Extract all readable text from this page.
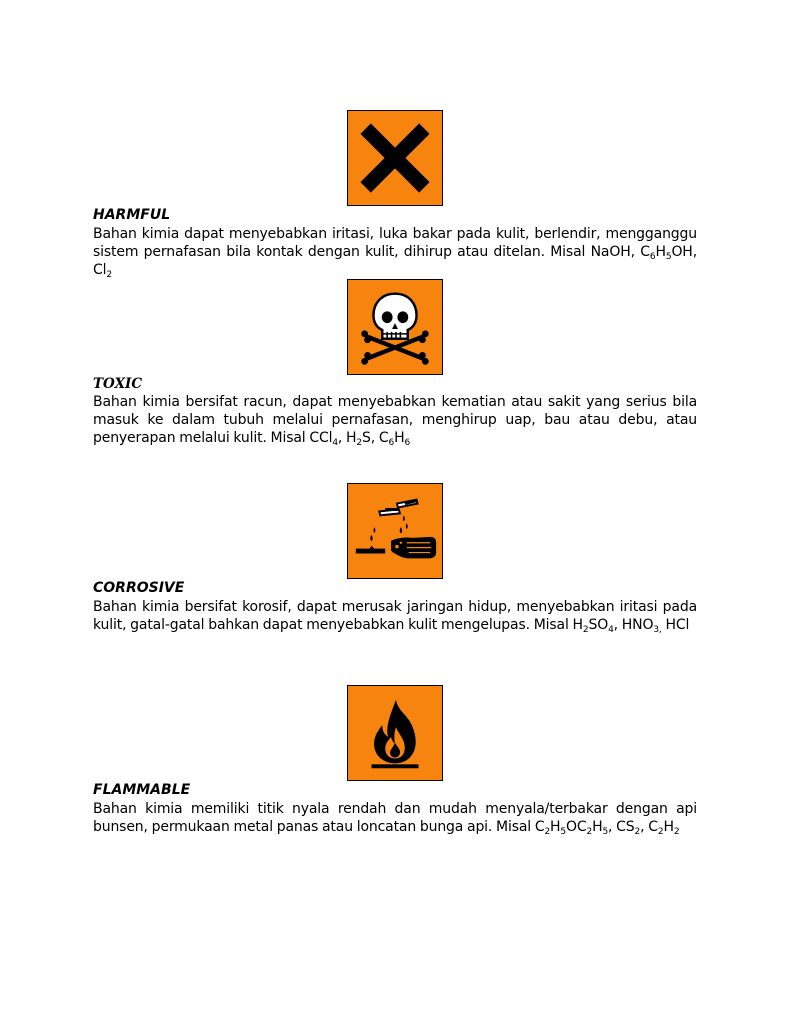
HARMFUL
Bahan kimia dapat menyebabkan iritasi, luka bakar pada kulit, berlendir, mengganggu sistem pernafasan bila kontak dengan kulit, dihirup atau ditelan. Misal NaOH, $C_6H_5OH$, $Cl_2$
TOXIC
Bahan kimia bersifat racun, dapat menyebabkan kematian atau sakit yang serius bila masuk ke dalam tubuh melalui pernafasan, menghirup uap, bau atau debu, atau penyerapan melalui kulit. Misal CCl$_4$, $H_2S$, $C_6H_6$
CORROSIVE
Bahan kimia bersifat korosif, dapat merusak jaringan hidup, menyebabkan iritasi pada kulit, gatal-gatal bahkan dapat menyebabkan kulit mengelupas. Misal $H_2SO_4$, $HNO_{3,}$ HCl
FLAMMABLE
Bahan kimia memiliki titik nyala rendah dan mudah menyala/terbakar dengan api bunsen, permukaan metal panas atau loncatan bunga api. Misal $C_2H_5OC_2H_5$, $CS_2$, $C_2H_2$
